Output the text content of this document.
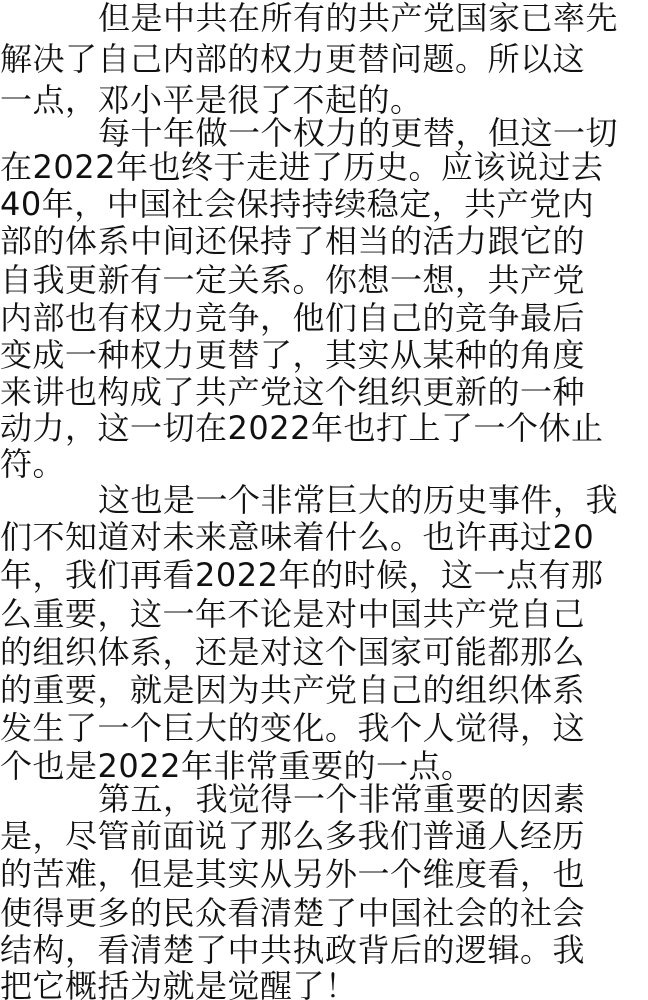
但是中共在所有的共产党国家已率先
解决了自己内部的权力更替问题。所以这
一点，邓小平是很了不起的。
每十年做一个权力的更替，但这一切
在2022年也终于走进了历史。应该说过去
40年，中国社会保持持续稳定，共产党内
部的体系中间还保持了相当的活力跟它的
自我更新有一定关系。你想一想，共产党
内部也有权力竞争，他们自己的竞争最后
变成一种权力更替了，其实从某种的角度
来讲也构成了共产党这个组织更新的一种
动力，这一切在2022年也打上了一个休止
符。
这也是一个非常巨大的历史事件，我
们不知道对未来意味着什么。也许再过20
年，我们再看2022年的时候，这一点有那
么重要，这一年不论是对中国共产党自己
的组织体系，还是对这个国家可能都那么
的重要，就是因为共产党自己的组织体系
发生了一个巨大的变化。我个人觉得，这
个也是2022年非常重要的一点。
第五，我觉得一个非常重要的因素
是，尽管前面说了那么多我们普通人经历
的苦难，但是其实从另外一个维度看，也
使得更多的民众看清楚了中国社会的社会
结构，看清楚了中共执政背后的逻辑。我
把它概括为就是觉醒了！
